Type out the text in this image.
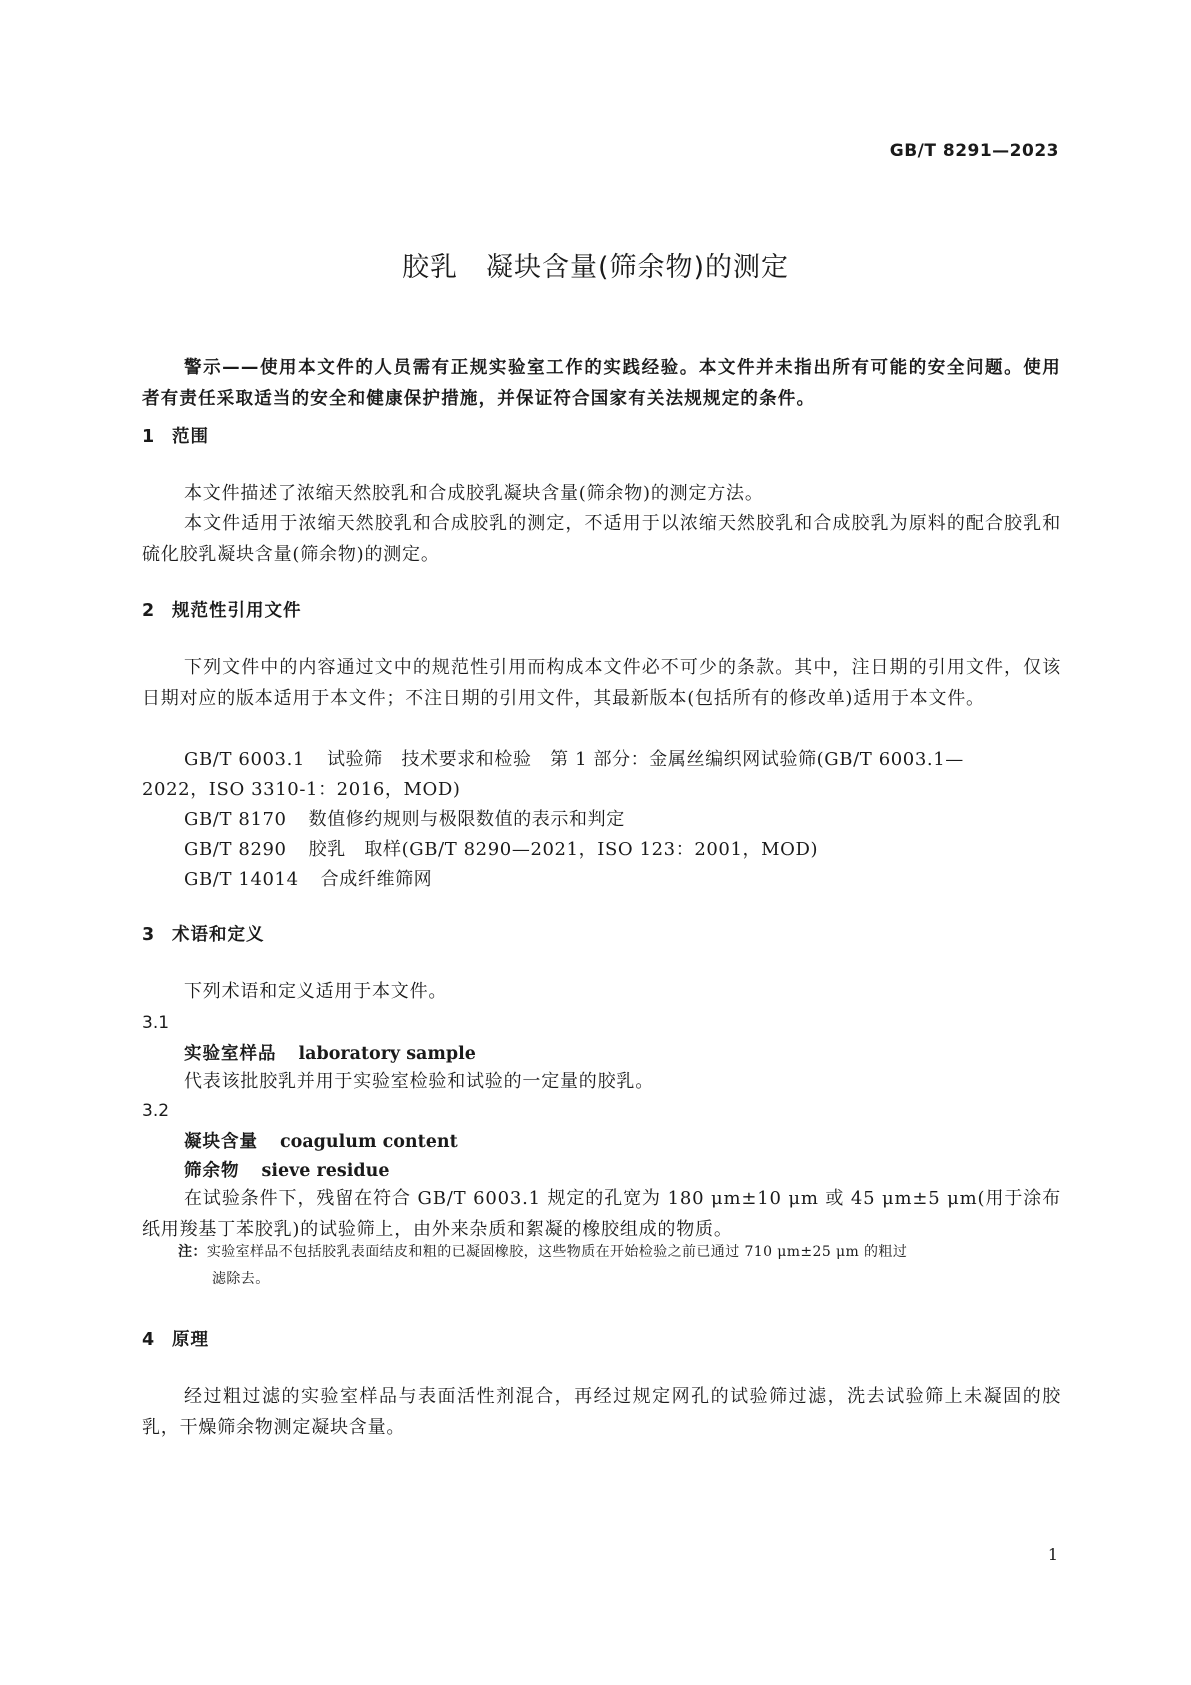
GB/T 8291—2023
胶乳　凝块含量(筛余物)的测定
警示——使用本文件的人员需有正规实验室工作的实践经验。本文件并未指出所有可能的安全问题。使用者有责任采取适当的安全和健康保护措施，并保证符合国家有关法规规定的条件。
1 范围
本文件描述了浓缩天然胶乳和合成胶乳凝块含量(筛余物)的测定方法。
本文件适用于浓缩天然胶乳和合成胶乳的测定，不适用于以浓缩天然胶乳和合成胶乳为原料的配合胶乳和硫化胶乳凝块含量(筛余物)的测定。
2 规范性引用文件
下列文件中的内容通过文中的规范性引用而构成本文件必不可少的条款。其中，注日期的引用文件，仅该日期对应的版本适用于本文件；不注日期的引用文件，其最新版本(包括所有的修改单)适用于本文件。
GB/T 6003.1 试验筛　技术要求和检验　第 1 部分：金属丝编织网试验筛(GB/T 6003.1—
2022，ISO 3310-1：2016，MOD)
GB/T 8170 数值修约规则与极限数值的表示和判定
GB/T 8290 胶乳　取样(GB/T 8290—2021，ISO 123：2001，MOD)
GB/T 14014 合成纤维筛网
3 术语和定义
下列术语和定义适用于本文件。
3.1
实验室样品 laboratory sample
代表该批胶乳并用于实验室检验和试验的一定量的胶乳。
3.2
凝块含量 coagulum content
筛余物 sieve residue
在试验条件下，残留在符合 GB/T 6003.1 规定的孔宽为 180 μm±10 μm 或 45 μm±5 μm(用于涂布纸用羧基丁苯胶乳)的试验筛上，由外来杂质和絮凝的橡胶组成的物质。
注：实验室样品不包括胶乳表面结皮和粗的已凝固橡胶，这些物质在开始检验之前已通过 710 μm±25 μm 的粗过
滤除去。
4 原理
经过粗过滤的实验室样品与表面活性剂混合，再经过规定网孔的试验筛过滤，洗去试验筛上未凝固的胶乳，干燥筛余物测定凝块含量。
1
